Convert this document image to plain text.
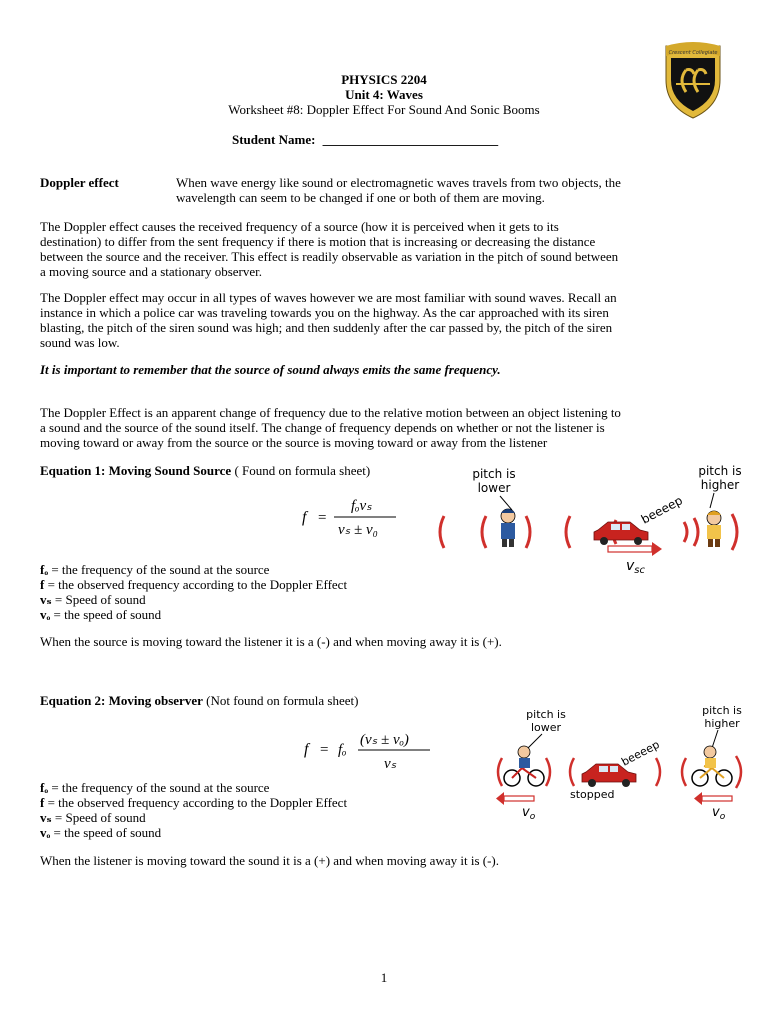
PHYSICS 2204
Unit 4: Waves
Worksheet #8: Doppler Effect For Sound And Sonic Booms
Student Name: ___________________________
Crescent Collegiate
Doppler effect	When wave energy like sound or electromagnetic waves travels from two objects, the
wavelength can seem to be changed if one or both of them are moving.
The Doppler effect causes the received frequency of a source (how it is perceived when it gets to its
destination) to differ from the sent frequency if there is motion that is increasing or decreasing the distance
between the source and the receiver. This effect is readily observable as variation in the pitch of sound between
a moving source and a stationary observer.
The Doppler effect may occur in all types of waves however we are most familiar with sound waves. Recall an
instance in which a police car was traveling towards you on the highway. As the car approached with its siren
blasting, the pitch of the siren sound was high; and then suddenly after the car passed by, the pitch of the siren
sound was low.
It is important to remember that the source of sound always emits the same frequency.
The Doppler Effect is an apparent change of frequency due to the relative motion between an object listening to
a sound and the source of the sound itself. The change of frequency depends on whether or not the listener is
moving toward or away from the source or the source is moving toward or away from the listener
Equation 1: Moving Sound Source ( Found on formula sheet)
f =
fₒvₛ
vₛ ± v₀
pitch is
lower
pitch is
higher
beeeep
$v_{sc}$
fₒ = the frequency of the sound at the source
f = the observed frequency according to the Doppler Effect
vₛ = Speed of sound
vₒ = the speed of sound
When the source is moving toward the listener it is a (-) and when moving away it is (+).
Equation 2: Moving observer (Not found on formula sheet)
f = fₒ
(vₛ ± vₒ)
vₛ
pitch is
lower
pitch is
higher
beeeep
stopped
$v_o$	$v_o$
fₒ = the frequency of the sound at the source
f = the observed frequency according to the Doppler Effect
vₛ = Speed of sound
vₒ = the speed of sound
When the listener is moving toward the sound it is a (+) and when moving away it is (-).
1
